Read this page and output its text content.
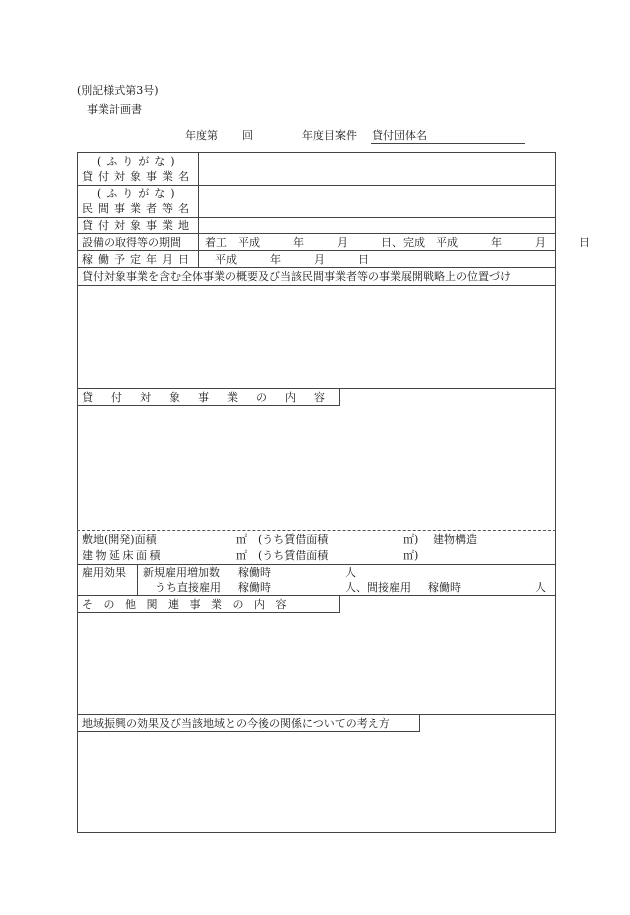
(別記様式第3号)
事業計画書
年度第 回	年度目案件 貸付団体名
(ふりがな)
貸付対象事業名
(ふりがな)
民間事業者等名
貸付対象事業地
設備の取得等の期間 着工　平成　　　年　　　月　　　日、完成　平成　　　年　　　月　　　日
稼働予定年月日 平成　　　年　　　月　　　日
貸付対象事業を含む全体事業の概要及び当該民間事業者等の事業展開戦略上の位置づけ
貸付対象事業の内容
敷地(開発)面積	㎡ (うち賃借面積	㎡) 建物構造
建物延床面積	㎡ (うち賃借面積	㎡)
雇用効果 新規雇用増加数 稼働時	人
うち直接雇用 稼働時	人、間接雇用 稼働時	人
その他関連事業の内容
地域振興の効果及び当該地域との今後の関係についての考え方
